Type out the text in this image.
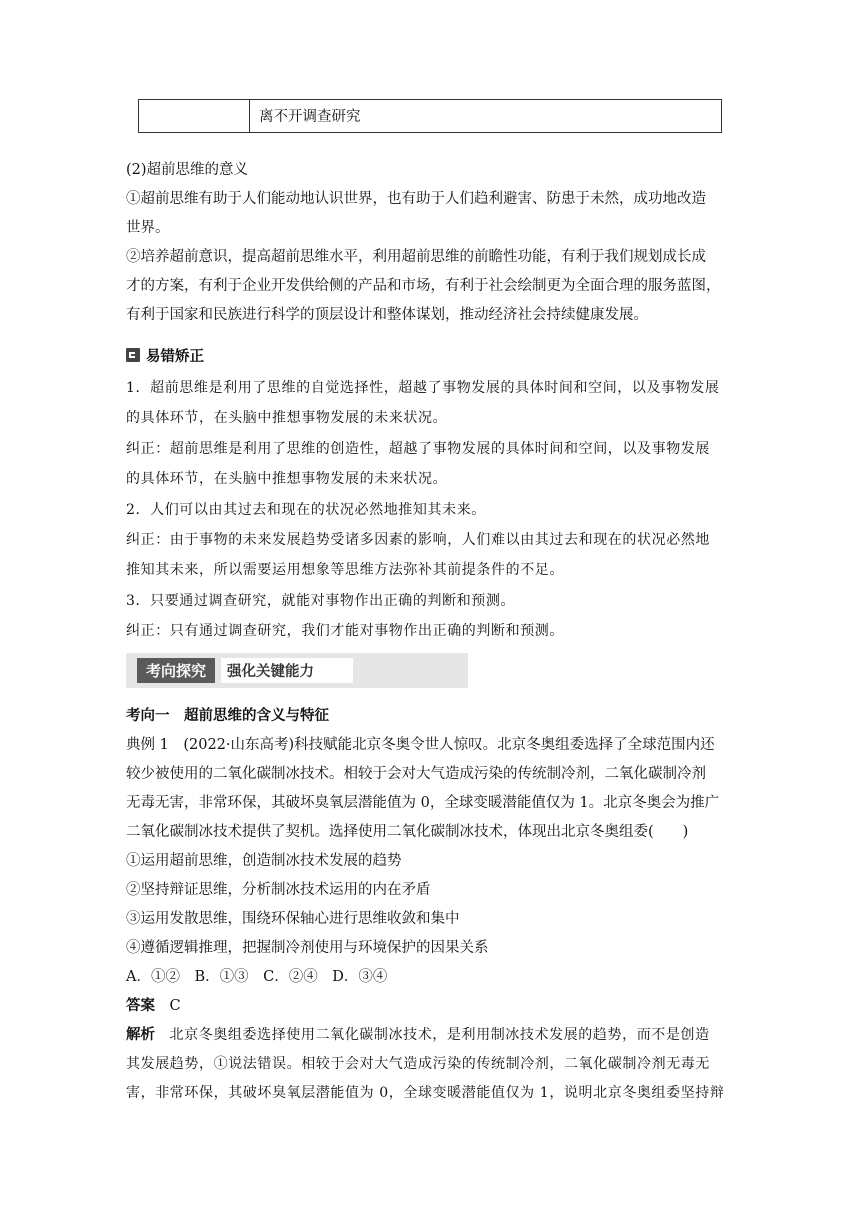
离不开调查研究
(2)超前思维的意义
①超前思维有助于人们能动地认识世界，也有助于人们趋利避害、防患于未然，成功地改造
世界。
②培养超前意识，提高超前思维水平，利用超前思维的前瞻性功能，有利于我们规划成长成
才的方案，有利于企业开发供给侧的产品和市场，有利于社会绘制更为全面合理的服务蓝图，
有利于国家和民族进行科学的顶层设计和整体谋划，推动经济社会持续健康发展。
易错矫正
1．超前思维是利用了思维的自觉选择性，超越了事物发展的具体时间和空间，以及事物发展
的具体环节，在头脑中推想事物发展的未来状况。
纠正：超前思维是利用了思维的创造性，超越了事物发展的具体时间和空间，以及事物发展
的具体环节，在头脑中推想事物发展的未来状况。
2．人们可以由其过去和现在的状况必然地推知其未来。
纠正：由于事物的未来发展趋势受诸多因素的影响，人们难以由其过去和现在的状况必然地
推知其未来，所以需要运用想象等思维方法弥补其前提条件的不足。
3．只要通过调查研究，就能对事物作出正确的判断和预测。
纠正：只有通过调查研究，我们才能对事物作出正确的判断和预测。
考向探究	强化关键能力
考向一　超前思维的含义与特征
典例 1　(2022·山东高考)科技赋能北京冬奥令世人惊叹。北京冬奥组委选择了全球范围内还
较少被使用的二氧化碳制冰技术。相较于会对大气造成污染的传统制冷剂，二氧化碳制冷剂
无毒无害，非常环保，其破坏臭氧层潜能值为 0，全球变暖潜能值仅为 1。北京冬奥会为推广
二氧化碳制冰技术提供了契机。选择使用二氧化碳制冰技术，体现出北京冬奥组委(　　)
①运用超前思维，创造制冰技术发展的趋势
②坚持辩证思维，分析制冰技术运用的内在矛盾
③运用发散思维，围绕环保轴心进行思维收敛和集中
④遵循逻辑推理，把握制冷剂使用与环境保护的因果关系
A．①②　B．①③　C．②④　D．③④
答案　 C
解析　 北京冬奥组委选择使用二氧化碳制冰技术，是利用制冰技术发展的趋势，而不是创造
其发展趋势，①说法错误。相较于会对大气造成污染的传统制冷剂，二氧化碳制冷剂无毒无
害，非常环保，其破坏臭氧层潜能值为 0，全球变暖潜能值仅为 1，说明北京冬奥组委坚持辩
